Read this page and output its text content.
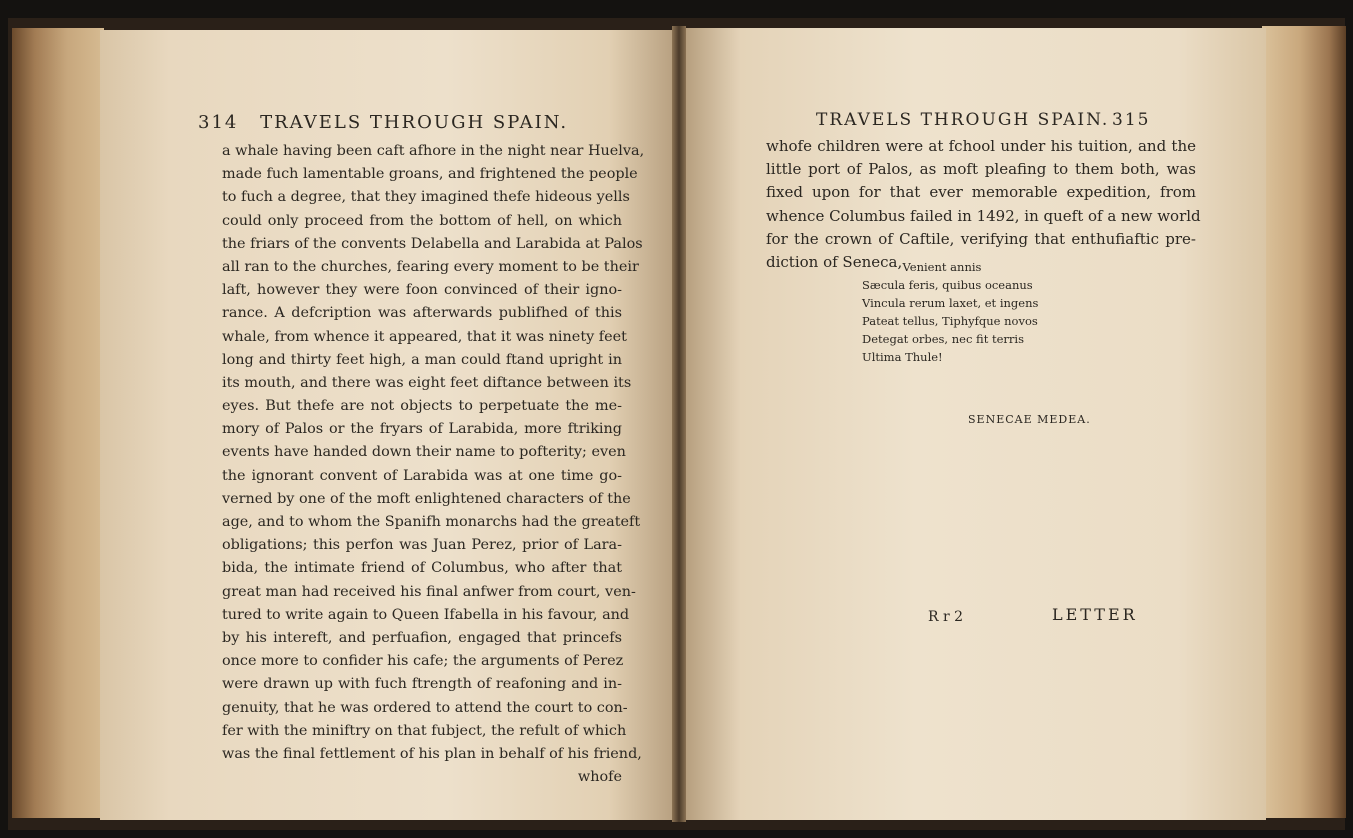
314 TRAVELS THROUGH SPAIN.	TRAVELS THROUGH SPAIN. 315
a whale having been caft afhore in the night near Huelva,
made fuch lamentable groans, and frightened the people
to fuch a degree, that they imagined thefe hideous yells
could only proceed from the bottom of hell, on which
the friars of the convents Delabella and Larabida at Palos
all ran to the churches, fearing every moment to be their
laft, however they were foon convinced of their igno-
rance. A defcription was afterwards publifhed of this
whale, from whence it appeared, that it was ninety feet
long and thirty feet high, a man could ftand upright in
its mouth, and there was eight feet diftance between its
eyes. But thefe are not objects to perpetuate the me-
mory of Palos or the fryars of Larabida, more ftriking
events have handed down their name to pofterity; even
the ignorant convent of Larabida was at one time go-
verned by one of the moft enlightened characters of the
age, and to whom the Spanifh monarchs had the greateft
obligations; this perfon was Juan Perez, prior of Lara-
bida, the intimate friend of Columbus, who after that
great man had received his final anfwer from court, ven-
tured to write again to Queen Ifabella in his favour, and
by his intereft, and perfuafion, engaged that princefs
once more to confider his cafe; the arguments of Perez
were drawn up with fuch ftrength of reafoning and in-
genuity, that he was ordered to attend the court to con-
fer with the miniftry on that fubject, the refult of which
was the final fettlement of his plan in behalf of his friend,
whofe
whofe children were at fchool under his tuition, and the
little port of Palos, as moft pleafing to them both, was
fixed upon for that ever memorable expedition, from
whence Columbus failed in 1492, in queft of a new world
for the crown of Caftile, verifying that enthufiaftic pre-
diction of Seneca, Venient annis
Sæcula feris, quibus oceanus
Vincula rerum laxet, et ingens
Pateat tellus, Tiphyfque novos
Detegat orbes, nec fit terris
Ultima Thule!
SENECAE MEDEA.
R r 2	LETTER
